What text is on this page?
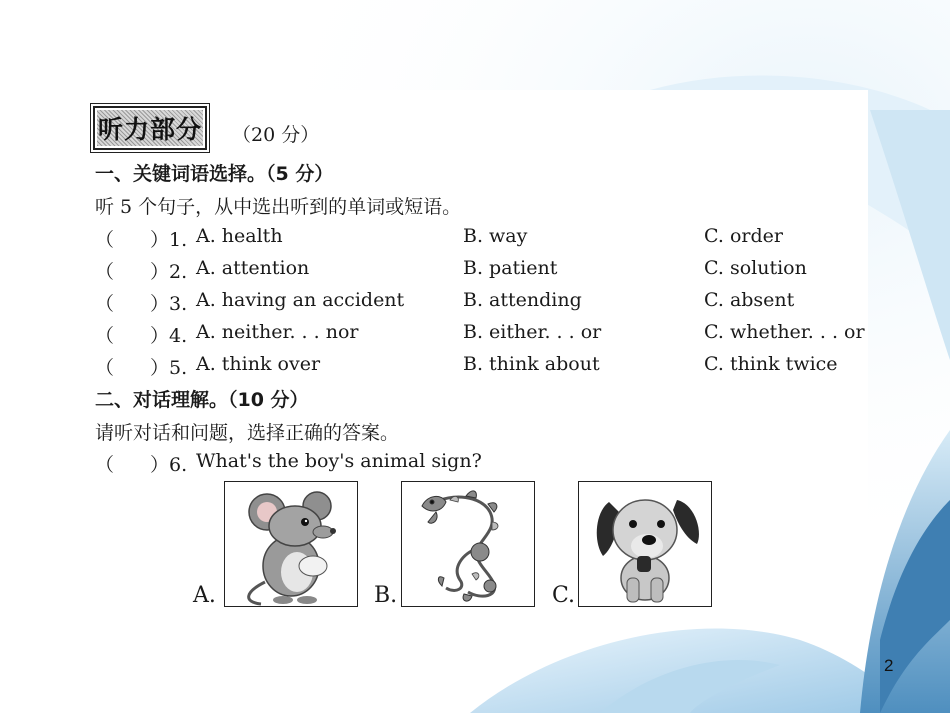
听力部分 （20 分）
一、关键词语选择。（5 分）
听 5 个句子，从中选出听到的单词或短语。
（ ）1. A. health	B. way	C. order
（ ）2. A. attention	B. patient	C. solution
（ ）3. A. having an accident	B. attending	C. absent
（ ）4. A. neither. . . nor	B. either. . . or	C. whether. . . or
（ ）5. A. think over	B. think about	C. think twice
二、对话理解。（10 分）
请听对话和问题，选择正确的答案。
（ ）6. What's the boy's animal sign?
A.	B.	C.
2
